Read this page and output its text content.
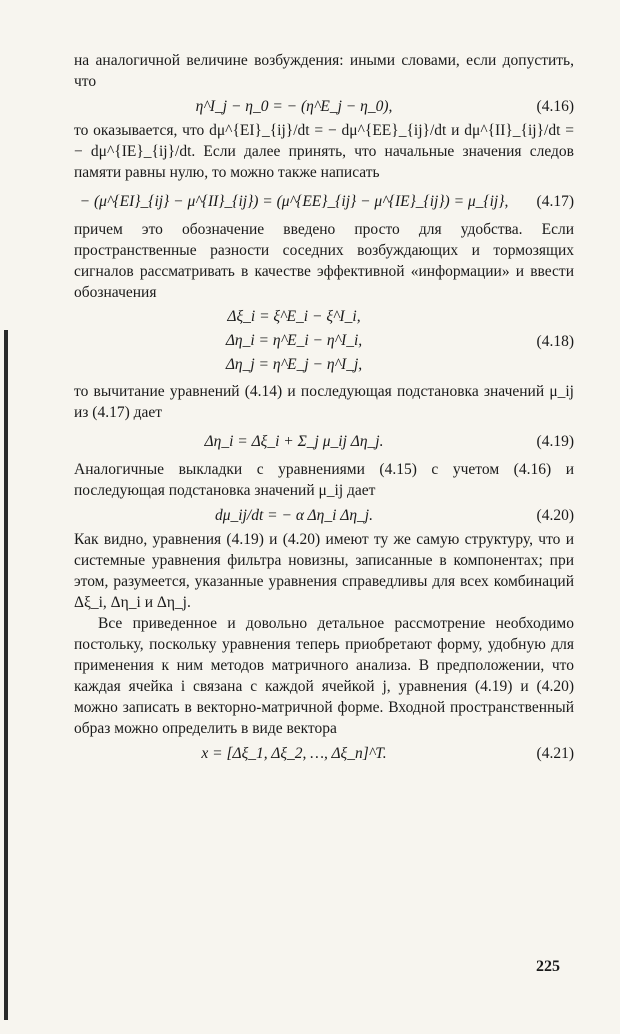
на аналогичной величине возбуждения: иными словами, если допустить, что

η^I_j − η_0 = − (η^E_j − η_0),	(4.16)

то оказывается, что dμ^{EI}_{ij}/dt = − dμ^{EE}_{ij}/dt и dμ^{II}_{ij}/dt = − dμ^{IE}_{ij}/dt. Если далее принять, что начальные значения следов памяти равны нулю, то можно также написать

− (μ^{EI}_{ij} − μ^{II}_{ij}) = (μ^{EE}_{ij} − μ^{IE}_{ij}) = μ_{ij},	(4.17)

причем это обозначение введено просто для удобства. Если пространственные разности соседних возбуждающих и тормозящих сигналов рассматривать в качестве эффективной «информации» и ввести обозначения

Δξ_i = ξ^E_i − ξ^I_i,
Δη_i = η^E_i − η^I_i,
Δη_j = η^E_j − η^I_j,
(4.18)

то вычитание уравнений (4.14) и последующая подстановка значений μ_ij из (4.17) дает

Δη_i = Δξ_i + Σ_j μ_ij Δη_j.	(4.19)

Аналогичные выкладки с уравнениями (4.15) с учетом (4.16) и последующая подстановка значений μ_ij дает

dμ_ij/dt = − α Δη_i Δη_j.	(4.20)

Как видно, уравнения (4.19) и (4.20) имеют ту же самую структуру, что и системные уравнения фильтра новизны, записанные в компонентах; при этом, разумеется, указанные уравнения справедливы для всех комбинаций Δξ_i, Δη_i и Δη_j.

Все приведенное и довольно детальное рассмотрение необходимо постольку, поскольку уравнения теперь приобретают форму, удобную для применения к ним методов матричного анализа. В предположении, что каждая ячейка i связана с каждой ячейкой j, уравнения (4.19) и (4.20) можно записать в векторно-матричной форме. Входной пространственный образ можно определить в виде вектора

x = [Δξ_1, Δξ_2, …, Δξ_n]^T.	(4.21)
225
